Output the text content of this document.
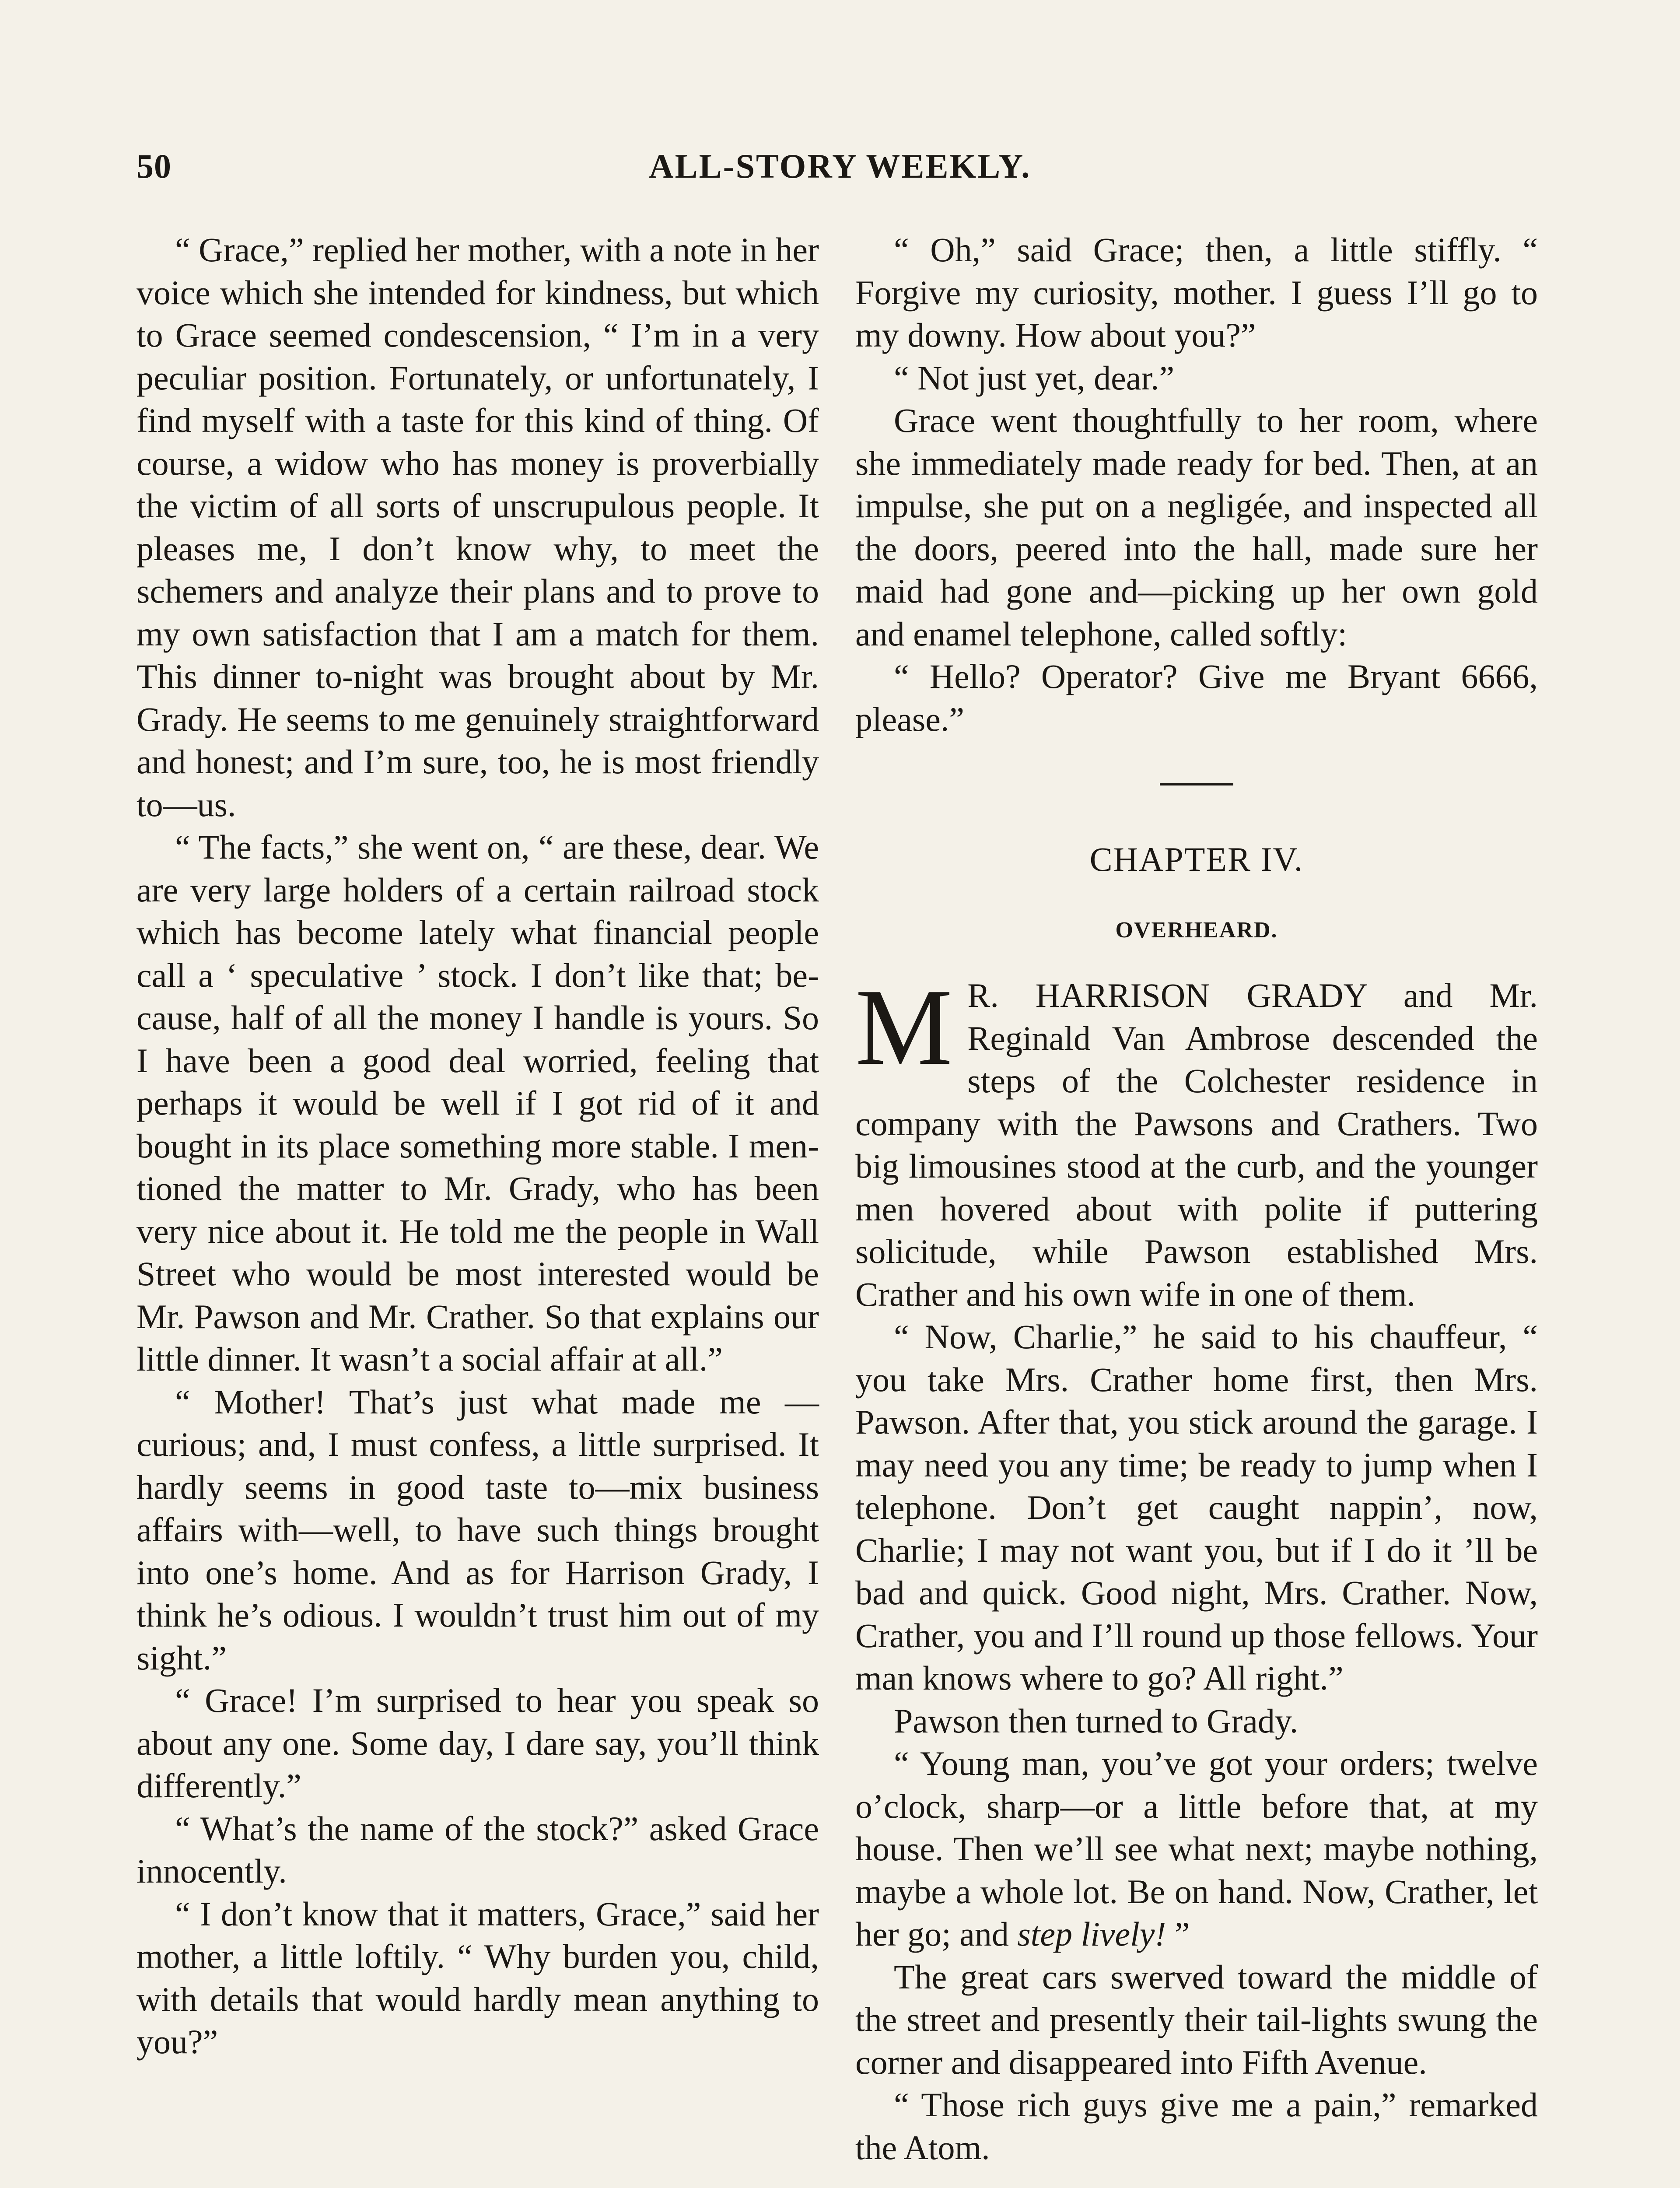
50	ALL-STORY WEEKLY.

“ Grace,” replied her mother, with a note in her voice which she intended for kindness, but which to Grace seemed condescension, “ I’m in a very peculiar position. Fortunately, or unfortunately, I find myself with a taste for this kind of thing. Of course, a widow who has money is proverbially the victim of all sorts of unscrupulous people. It pleases me, I don’t know why, to meet the schemers and analyze their plans and to prove to my own satisfaction that I am a match for them. This dinner to-night was brought about by Mr. Grady. He seems to me genuinely straightforward and honest; and I’m sure, too, he is most friendly to—us.

“ The facts,” she went on, “ are these, dear. We are very large holders of a certain railroad stock which has become lately what financial people call a ‘ speculative ’ stock. I don’t like that; because, half of all the money I handle is yours. So I have been a good deal worried, feeling that perhaps it would be well if I got rid of it and bought in its place something more stable. I mentioned the matter to Mr. Grady, who has been very nice about it. He told me the people in Wall Street who would be most interested would be Mr. Pawson and Mr. Crather. So that explains our little dinner. It wasn’t a social affair at all.”

“ Mother! That’s just what made me —curious; and, I must confess, a little surprised. It hardly seems in good taste to—mix business affairs with—well, to have such things brought into one’s home. And as for Harrison Grady, I think he’s odious. I wouldn’t trust him out of my sight.”

“ Grace! I’m surprised to hear you speak so about any one. Some day, I dare say, you’ll think differently.”

“ What’s the name of the stock?” asked Grace innocently.

“ I don’t know that it matters, Grace,” said her mother, a little loftily. “ Why burden you, child, with details that would hardly mean anything to you?”

“ Oh,” said Grace; then, a little stiffly. “ Forgive my curiosity, mother. I guess I’ll go to my downy. How about you?”

“ Not just yet, dear.”

Grace went thoughtfully to her room, where she immediately made ready for bed. Then, at an impulse, she put on a negligée, and inspected all the doors, peered into the hall, made sure her maid had gone and—picking up her own gold and enamel telephone, called softly:

“ Hello? Operator? Give me Bryant 6666, please.”

CHAPTER IV.
OVERHEARD.

M R. HARRISON GRADY and Mr. Reginald Van Ambrose descended the steps of the Colchester residence in company with the Pawsons and Crathers. Two big limousines stood at the curb, and the younger men hovered about with polite if puttering solicitude, while Pawson established Mrs. Crather and his own wife in one of them.

“ Now, Charlie,” he said to his chauffeur, “ you take Mrs. Crather home first, then Mrs. Pawson. After that, you stick around the garage. I may need you any time; be ready to jump when I telephone. Don’t get caught nappin’, now, Charlie; I may not want you, but if I do it ’ll be bad and quick. Good night, Mrs. Crather. Now, Crather, you and I’ll round up those fellows. Your man knows where to go? All right.”

Pawson then turned to Grady.

“ Young man, you’ve got your orders; twelve o’clock, sharp—or a little before that, at my house. Then we’ll see what next; maybe nothing, maybe a whole lot. Be on hand. Now, Crather, let her go; and step lively! ”

The great cars swerved toward the middle of the street and presently their tail-lights swung the corner and disappeared into Fifth Avenue.

“ Those rich guys give me a pain,” remarked the Atom.
